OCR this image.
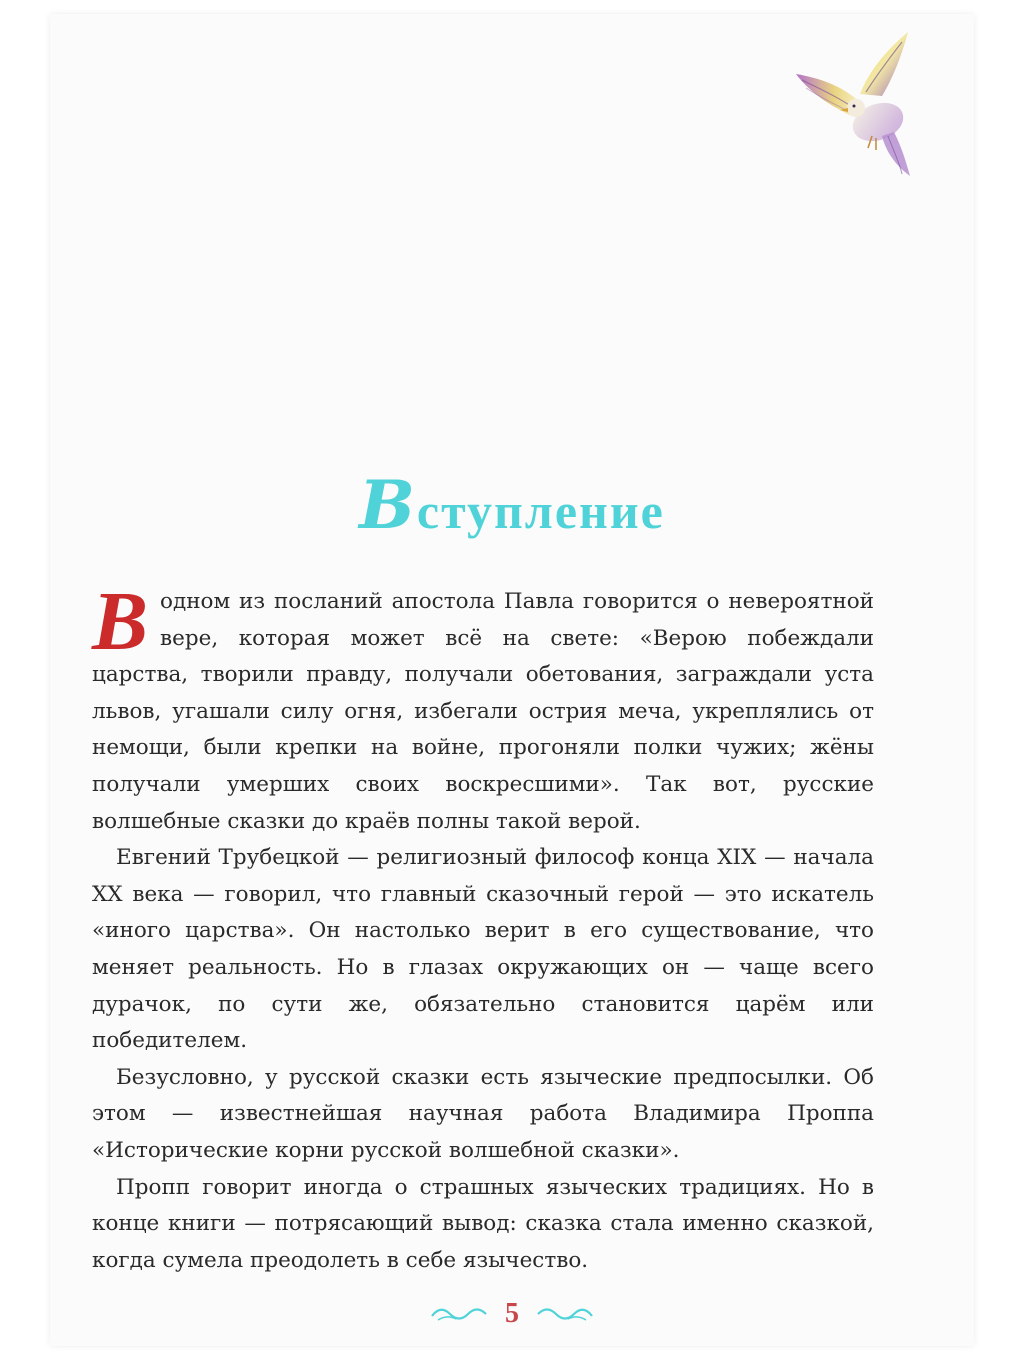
Вступление

Водном из посланий апостола Павла говорится о невероятной вере, которая может всё на свете: «Верою побеждали царства, творили правду, получали обетования, заграждали уста львов, угашали силу огня, избегали острия меча, укреплялись от немощи, были крепки на войне, прогоняли полки чужих; жёны получали умерших своих воскресшими». Так вот, русские волшебные сказки до краёв полны такой верой.

Евгений Трубецкой — религиозный философ конца XIX — начала XX века — говорил, что главный сказочный герой — это искатель «иного царства». Он настолько верит в его существование, что меняет реальность. Но в глазах окружающих он — чаще всего дурачок, по сути же, обязательно становится царём или победителем.

Безусловно, у русской сказки есть языческие предпосылки. Об этом — известнейшая научная работа Владимира Проппа «Исторические корни русской волшебной сказки».

Пропп говорит иногда о страшных языческих традициях. Но в конце книги — потрясающий вывод: сказка стала именно сказкой, когда сумела преодолеть в себе язычество.

5
